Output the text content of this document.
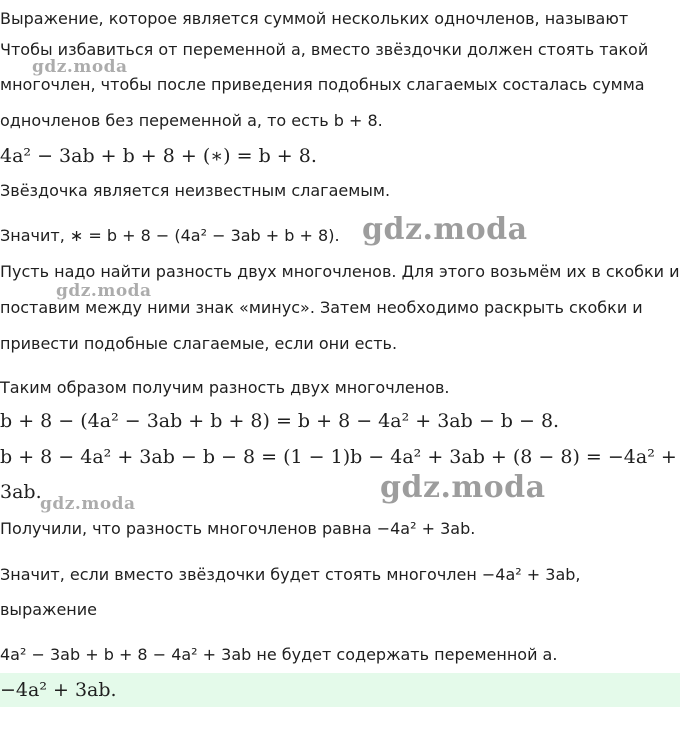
Выражение, которое является суммой нескольких одночленов, называют
Чтобы избавиться от переменной a, вместо звёздочки должен стоять такой
многочлен, чтобы после приведения подобных слагаемых состалась сумма
одночленов без переменной a, то есть b + 8.
4a² − 3ab + b + 8 + (∗) = b + 8.
Звёздочка является неизвестным слагаемым.
Значит, ∗ = b + 8 − (4a² − 3ab + b + 8).
Пусть надо найти разность двух многочленов. Для этого возьмём их в скобки и
поставим между ними знак «минус». Затем необходимо раскрыть скобки и
привести подобные слагаемые, если они есть.
Таким образом получим разность двух многочленов.
b + 8 − (4a² − 3ab + b + 8) = b + 8 − 4a² + 3ab − b − 8.
b + 8 − 4a² + 3ab − b − 8 = (1 − 1)b − 4a² + 3ab + (8 − 8) = −4a² +
3ab.
Получили, что разность многочленов равна −4a² + 3ab.
Значит, если вместо звёздочки будет стоять многочлен −4a² + 3ab,
выражение
4a² − 3ab + b + 8 − 4a² + 3ab не будет содержать переменной a.
−4a² + 3ab.
gdz.moda
gdz.moda
gdz.moda
gdz.moda	gdz.moda
